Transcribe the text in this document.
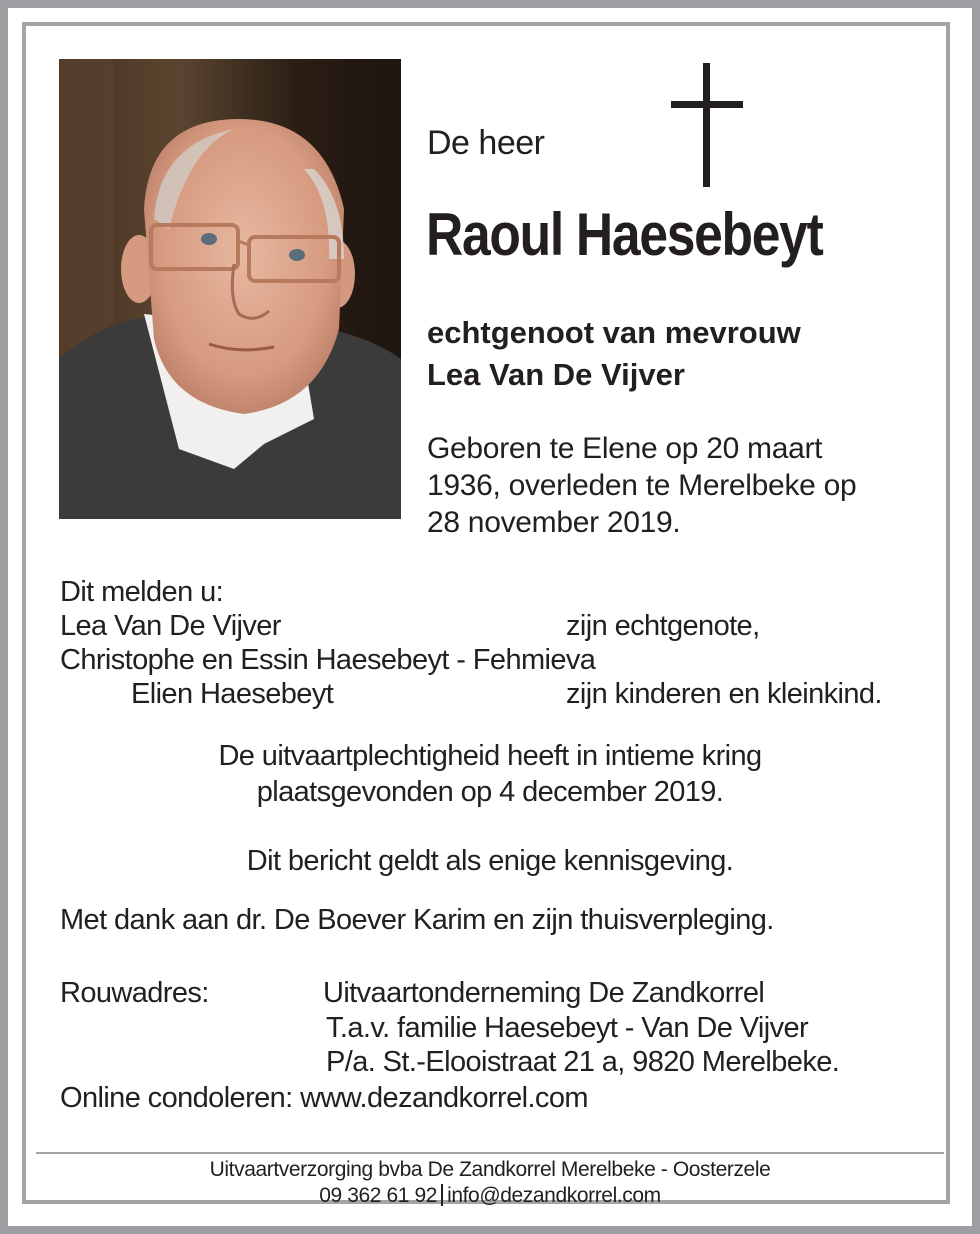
De heer
Raoul Haesebeyt
echtgenoot van mevrouw
Lea Van De Vijver
Geboren te Elene op 20 maart
1936, overleden te Merelbeke op
28 november 2019.
Dit melden u:
Lea Van De Vijver	zijn echtgenote,
Christophe en Essin Haesebeyt - Fehmieva
Elien Haesebeyt	zijn kinderen en kleinkind.
De uitvaartplechtigheid heeft in intieme kring
plaatsgevonden op 4 december 2019.
Dit bericht geldt als enige kennisgeving.
Met dank aan dr. De Boever Karim en zijn thuisverpleging.
Rouwadres:	Uitvaartonderneming De Zandkorrel
T.a.v. familie Haesebeyt - Van De Vijver
P/a. St.-Elooistraat 21 a, 9820 Merelbeke.
Online condoleren: www.dezandkorrel.com
Uitvaartverzorging bvba De Zandkorrel Merelbeke - Oosterzele
09 362 61 92 info@dezandkorrel.com
